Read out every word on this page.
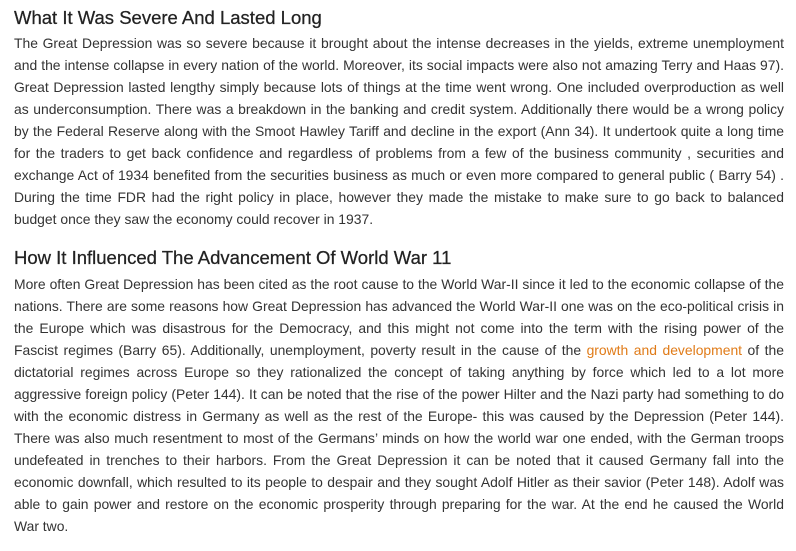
What It Was Severe And Lasted Long

The Great Depression was so severe because it brought about the intense decreases in the yields, extreme unemployment and the intense collapse in every nation of the world. Moreover, its social impacts were also not amazing Terry and Haas 97). Great Depression lasted lengthy simply because lots of things at the time went wrong. One included overproduction as well as underconsumption. There was a breakdown in the banking and credit system. Additionally there would be a wrong policy by the Federal Reserve along with the Smoot Hawley Tariff and decline in the export (Ann 34). It undertook quite a long time for the traders to get back confidence and regardless of problems from a few of the business community , securities and exchange Act of 1934 benefited from the securities business as much or even more compared to general public ( Barry 54) . During the time FDR had the right policy in place, however they made the mistake to make sure to go back to balanced budget once they saw the economy could recover in 1937.

How It Influenced The Advancement Of World War 11

More often Great Depression has been cited as the root cause to the World War-II since it led to the economic collapse of the nations. There are some reasons how Great Depression has advanced the World War-II one was on the eco-political crisis in the Europe which was disastrous for the Democracy, and this might not come into the term with the rising power of the Fascist regimes (Barry 65). Additionally, unemployment, poverty result in the cause of the growth and development of the dictatorial regimes across Europe so they rationalized the concept of taking anything by force which led to a lot more aggressive foreign policy (Peter 144). It can be noted that the rise of the power Hilter and the Nazi party had something to do with the economic distress in Germany as well as the rest of the Europe- this was caused by the Depression (Peter 144). There was also much resentment to most of the Germans’ minds on how the world war one ended, with the German troops undefeated in trenches to their harbors. From the Great Depression it can be noted that it caused Germany fall into the economic downfall, which resulted to its people to despair and they sought Adolf Hitler as their savior (Peter 148). Adolf was able to gain power and restore on the economic prosperity through preparing for the war. At the end he caused the World War two.
